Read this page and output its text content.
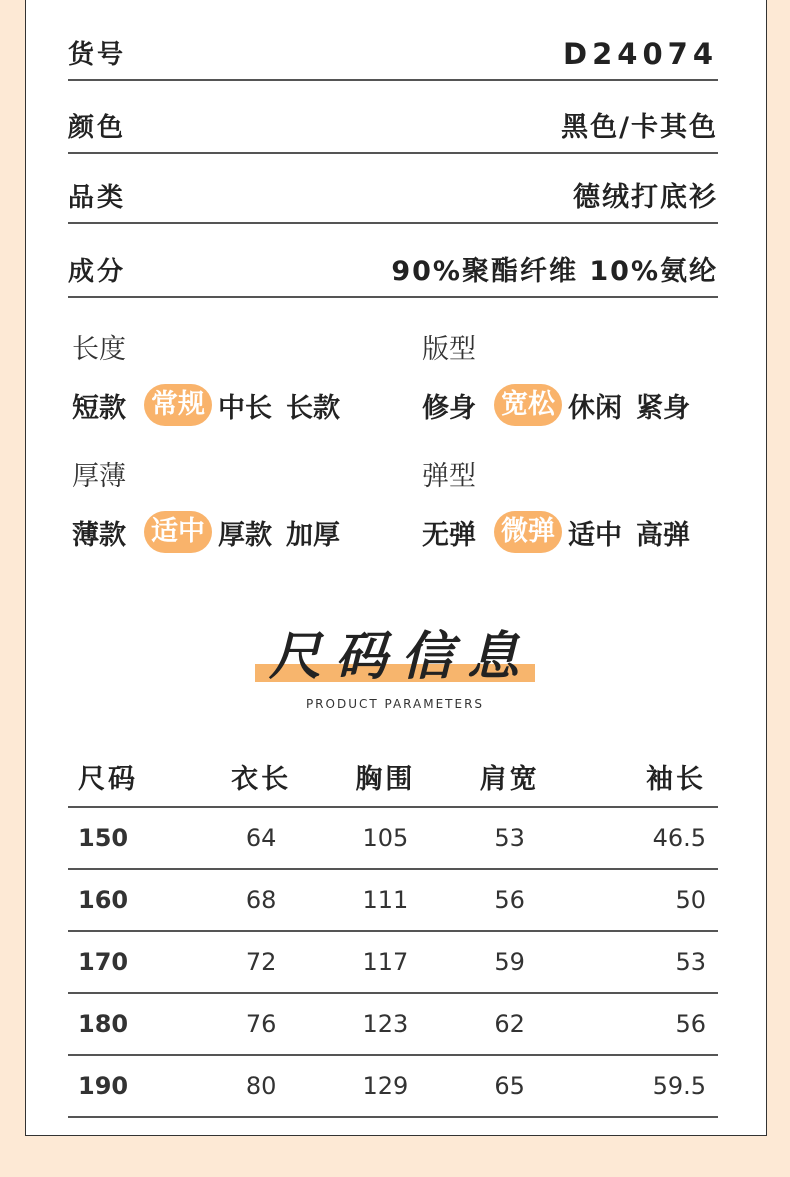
货号	D24074
颜色	黑色/卡其色
品类	德绒打底衫
成分	90%聚酯纤维 10%氨纶
长度
短款 常规 中长 长款
版型
修身 宽松 休闲 紧身
厚薄
薄款 适中 厚款 加厚
弹型
无弹 微弹 适中 高弹
尺码信息
PRODUCT PARAMETERS
尺码	衣长	胸围	肩宽	袖长
150	64	105	53	46.5
160	68	111	56	50
170	72	117	59	53
180	76	123	62	56
190	80	129	65	59.5
